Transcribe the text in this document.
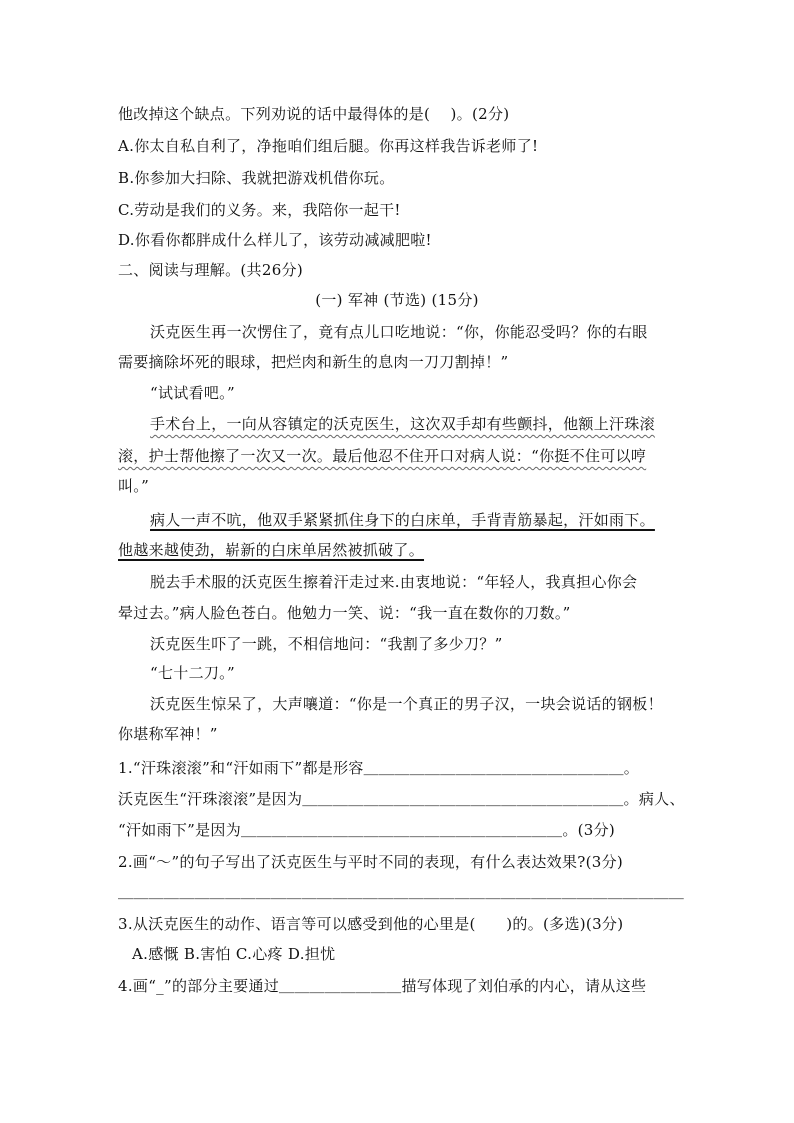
他改掉这个缺点。下列劝说的话中最得体的是(　 )。(2分)
A.你太自私自利了，净拖咱们组后腿。你再这样我告诉老师了!
B.你参加大扫除、我就把游戏机借你玩。
C.劳动是我们的义务。来，我陪你一起干!
D.你看你都胖成什么样儿了，该劳动减减肥啦!
二、阅读与理解。(共26分)
(一) 军神 (节选) (15分)
沃克医生再一次愣住了，竟有点儿口吃地说：“你，你能忍受吗？你的右眼
需要摘除坏死的眼球，把烂肉和新生的息肉一刀刀割掉！”
“试试看吧。”
手术台上，一向从容镇定的沃克医生，这次双手却有些颤抖，他额上汗珠滚
滚，护士帮他擦了一次又一次。最后他忍不住开口对病人说：“你挺不住可以哼
叫。”
病人一声不吭，他双手紧紧抓住身下的白床单，手背青筋暴起，汗如雨下。
他越来越使劲，崭新的白床单居然被抓破了。
脱去手术服的沃克医生擦着汗走过来.由衷地说：“年轻人，我真担心你会
晕过去。”病人脸色苍白。他勉力一笑、说：“我一直在数你的刀数。”
沃克医生吓了一跳，不相信地问：“我割了多少刀？”
“七十二刀。”
沃克医生惊呆了，大声嚷道：“你是一个真正的男子汉，一块会说话的钢板！
你堪称军神！”
1.“汗珠滚滚”和“汗如雨下”都是形容＿＿＿＿＿＿＿＿＿＿＿＿＿＿＿＿＿。
沃克医生“汗珠滚滚”是因为＿＿＿＿＿＿＿＿＿＿＿＿＿＿＿＿＿＿＿＿＿。病人、
“汗如雨下”是因为＿＿＿＿＿＿＿＿＿＿＿＿＿＿＿＿＿＿＿＿＿。(3分)
2.画“～”的句子写出了沃克医生与平时不同的表现，有什么表达效果?(3分)
＿＿＿＿＿＿＿＿＿＿＿＿＿＿＿＿＿＿＿＿＿＿＿＿＿＿＿＿＿＿＿＿＿＿＿＿＿
3.从沃克医生的动作、语言等可以感受到他的心里是(　　)的。(多选)(3分)
A.感慨 B.害怕 C.心疼 D.担忧
4.画“_”的部分主要通过＿＿＿＿＿＿＿＿描写体现了刘伯承的内心，请从这些
